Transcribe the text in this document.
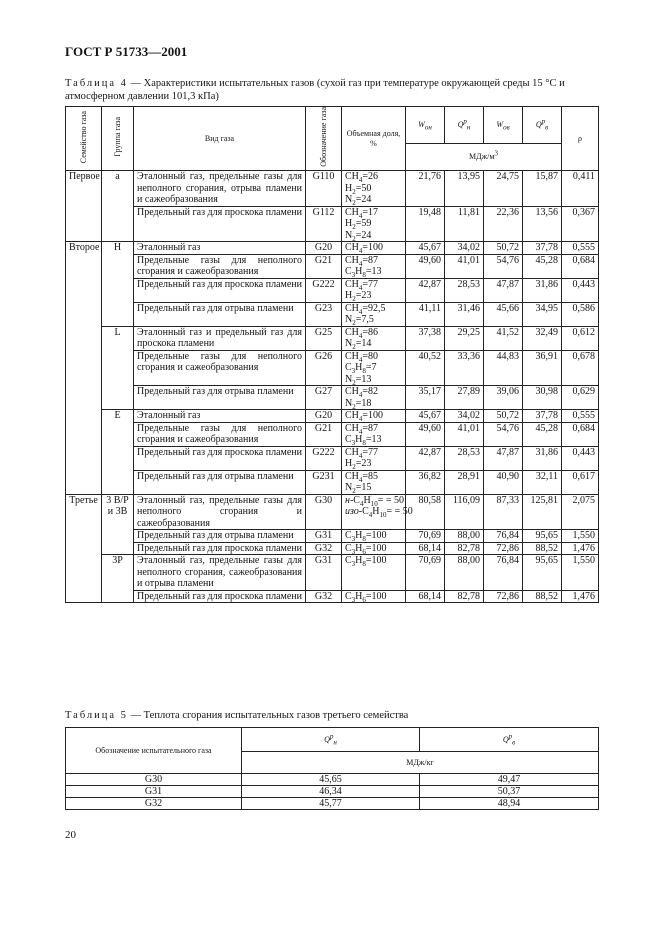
ГОСТ Р 51733—2001
Таблица 4 — Характеристики испытательных газов (сухой газ при температуре окружающей среды 15 °С и атмосферном давлении 101,3 кПа)
Семейство газа	Группа газа	Вид газа	Обозначение газа	Объемная доля, %	$W_{он}$	$Q^р_н$	$W_{ов}$	$Q^р_в$	ρ
					МДж/$м^3$
Первое	a	Эталонный газ, предельные газы для неполного сгорания, отрыва пламени и сажеобразования	G110	$CH_4=26$
$H_2=50$
$N_2=24$	21,76	13,95	24,75	15,87	0,411
		Предельный газ для проскока пламени	G112	$CH_4=17$
$H_2=59$
$N_2=24$	19,48	11,81	22,36	13,56	0,367
Второе	H	Эталонный газ	G20	$CH_4=100$	45,67	34,02	50,72	37,78	0,555
		Предельные газы для неполного сгорания и сажеобразования	G21	$CH_4=87$
$C_3H_8=13$	49,60	41,01	54,76	45,28	0,684
		Предельный газ для проскока пламени	G222	$CH_4=77$
$H_2=23$	42,87	28,53	47,87	31,86	0,443
		Предельный газ для отрыва пламени	G23	$CH_4=92,5$
$N_2=7,5$	41,11	31,46	45,66	34,95	0,586
	L	Эталонный газ и предельный газ для проскока пламени	G25	$CH_4=86$
$N_2=14$	37,38	29,25	41,52	32,49	0,612
		Предельные газы для неполного сгорания и сажеобразования	G26	$CH_4=80$
$C_3H_8=7$
$N_2=13$	40,52	33,36	44,83	36,91	0,678
		Предельный газ для отрыва пламени	G27	$CH_4=82$
$N_2=18$	35,17	27,89	39,06	30,98	0,629
	E	Эталонный газ	G20	$CH_4=100$	45,67	34,02	50,72	37,78	0,555
		Предельные газы для неполного сгорания и сажеобразования	G21	$CH_4=87$
$C_3H_8=13$	49,60	41,01	54,76	45,28	0,684
		Предельный газ для проскока пламени	G222	$CH_4=77$
$H_2=23$	42,87	28,53	47,87	31,86	0,443
		Предельный газ для отрыва пламени	G231	$CH_4=85$
$N_2=15$	36,82	28,91	40,90	32,11	0,617
Третье	3 В/Р и 3В	Эталонный газ, предельные газы для неполного сгорания и сажеобразования	G30	$н-C_4H_{10}= = 50$
изо-$C_4H_{10}= = 50$	80,58	116,09	87,33	125,81	2,075
		Предельный газ для отрыва пламени	G31	$C_3H_8=100$	70,69	88,00	76,84	95,65	1,550
		Предельный газ для проскока пламени	G32	$C_3H_6=100$	68,14	82,78	72,86	88,52	1,476
	3Р	Эталонный газ, предельные газы для неполного сгорания, сажеобразования и отрыва пламени	G31	$C_3H_8=100$	70,69	88,00	76,84	95,65	1,550
		Предельный газ для проскока пламени	G32	$C_3H_6=100$	68,14	82,78	72,86	88,52	1,476
Таблица 5 — Теплота сгорания испытательных газов третьего семейства
Обозначение испытательного газа	$Q^р_н$	$Q^р_в$
	МДж/кг	
G30	45,65	49,47
G31	46,34	50,37
G32	45,77	48,94
20
